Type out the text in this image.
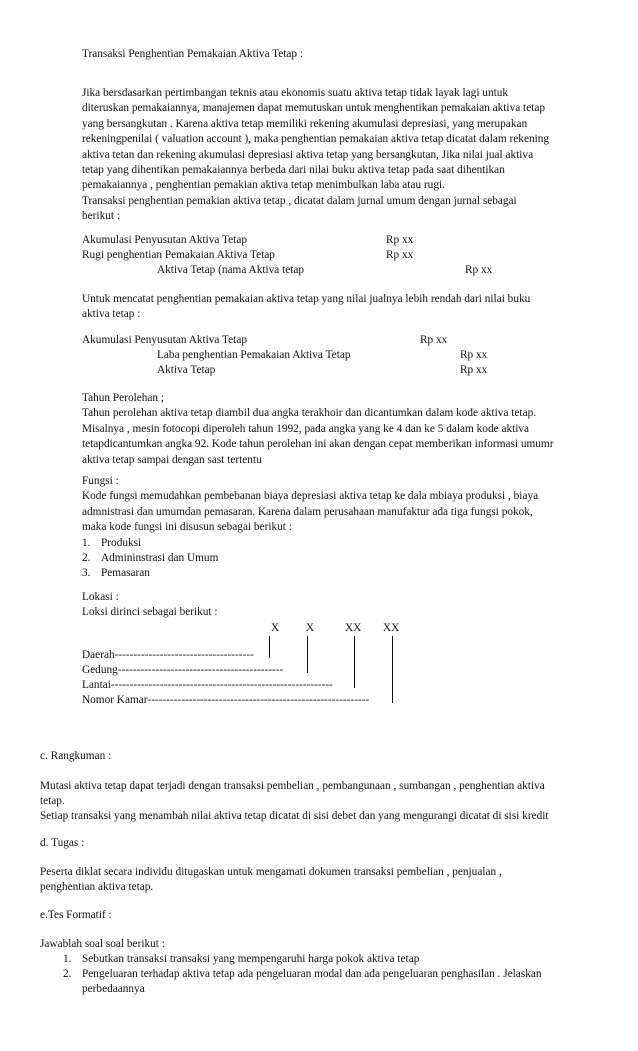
Transaksi Penghentian Pemakaian Aktiva Tetap :

Jika bersdasarkan pertimbangan teknis atau ekonomis suatu aktiva tetap tidak layak lagi untuk

diteruskan pemakaiannya, manajemen dapat memutuskan untuk menghentikan pemakaian aktiva tetap

yang bersangkutan . Karena aktiva tetap memiliki rekening akumulasi depresiasi, yang merupakan

rekeningpenilai ( valuation account ), maka penghentian pemakaian aktiva tetap dicatat dalam rekening

aktiva tetan dan rekening akumulasi depresiasi aktiva tetap yang bersangkutan, Jika nilai jual aktiva

tetap yang dihentikan pemakaiannya berbeda dari nilai buku aktiva tetap pada saat dihentikan

pemakaiannya , penghentian pemakian aktiva tetap menimbulkan laba atau rugi.

Transaksi penghentian pemakian aktiva tetap , dicatat dalam jurnal umum dengan jurnal sebagai

berikut :

Akumulasi Penyusutan Aktiva Tetap	Rp xx
Rugi penghentian Pemakaian Aktiva Tetap	Rp xx
Aktiva Tetap (nama Aktiva tetap	Rp xx

Untuk mencatat penghentian pemakaian aktiva tetap yang nilai jualnya lebih rendah dari nilai buku

aktiva tetap :

Akumulasi Penyusutan Aktiva Tetap	Rp xx
Laba penghentian Pemakaian Aktiva Tetap	Rp xx
Aktiva Tetap	Rp xx

Tahun Perolehan ;

Tahun perolehan aktiva tetap diambil dua angka terakhoir dan dicantumkan dalam kode aktiva tetap.

Misalnya , mesin fotocopi diperoleh tahun 1992, pada angka yang ke 4 dan ke 5 dalam kode aktiva

tetapdicantumkan angka 92. Kode tahun perolehan ini akan dengan cepat memberikan informasi umumr

aktiva tetap sampai dengan sast tertentu

Fungsi :

Kode fungsi memudahkan pembebanan biaya depresiasi aktiva tetap ke dala mbiaya produksi , biaya

admnistrasi dan umumdan pemasaran. Karena dalam perusahaan manufaktur ada tiga fungsi pokok,

maka kode fungsi ini disusun sebagai berikut :

1. Produksi
2. Admininstrasi dan Umum
3. Pemasaran
Lokasi :
Loksi dirinci sebagai berikut :
X X	XX XX
Daerah-------------------------------------
Gedung--------------------------------------------
Lantai-----------------------------------------------------------
Nomor Kamar-----------------------------------------------------------
c. Rangkuman :
Mutasi aktiva tetap dapat terjadi dengan transaksi pembelian , pembangunaan , sumbangan , penghentian aktiva
tetap.
Setiap transaksi yang menambah nilai aktiva tetap dicatat di sisi debet dan yang mengurangi dicatat di sisi kredit
d. Tugas :
Peserta diklat secara individu ditugaskan untuk mengamati dokumen transaksi pembelian , penjualan ,
penghentian aktiva tetap.
e.Tes Formatif :
Jawablah soal soal berikut :
1. Sebutkan transaksi transaksi yang mempengaruhi harga pokok aktiva tetap
2. Pengeluaran terhadap aktiva tetap ada pengeluaran modal dan ada pengeluaran penghasilan . Jelaskan
perbedaannya
